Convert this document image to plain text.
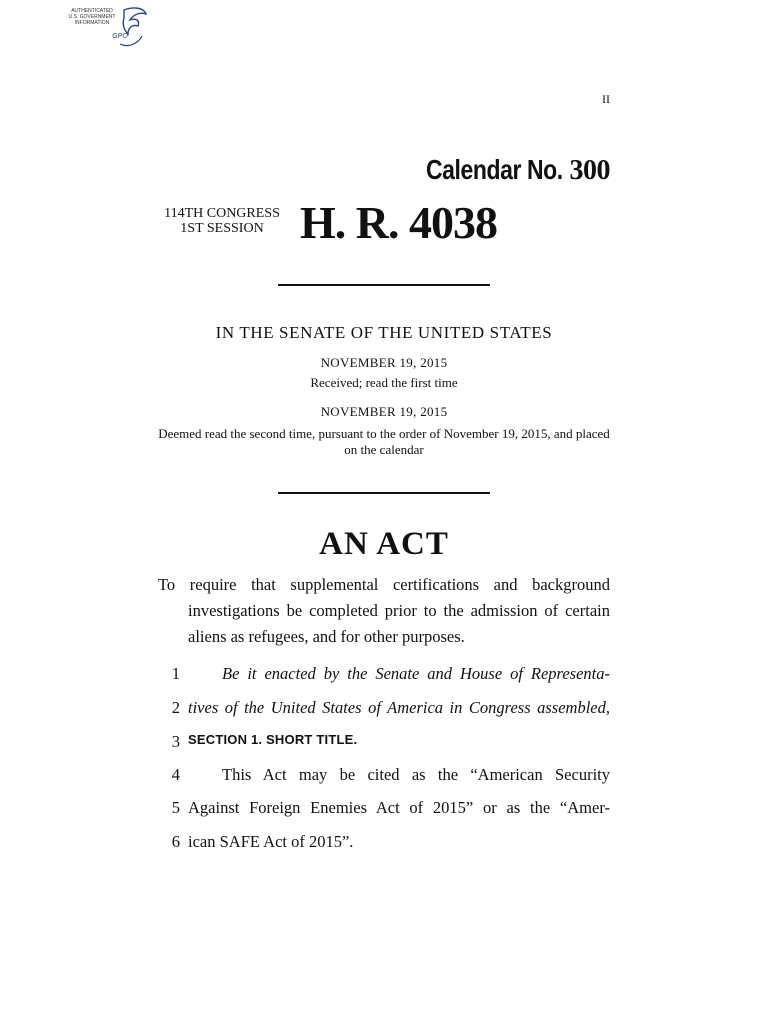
AUTHENTICATED
U.S. GOVERNMENT
INFORMATION
GPO
II
Calendar No. 300
114TH CONGRESS
1ST SESSION H. R. 4038
IN THE SENATE OF THE UNITED STATES
NOVEMBER 19, 2015
Received; read the first time
NOVEMBER 19, 2015
Deemed read the second time, pursuant to the order of November 19, 2015, and placed on the calendar
AN ACT
To require that supplemental certifications and background investigations be completed prior to the admission of certain aliens as refugees, and for other purposes.
1	Be it enacted by the Senate and House of Representa-
2 tives of the United States of America in Congress assembled,
3 SECTION 1. SHORT TITLE.
4	This Act may be cited as the “American Security
5 Against Foreign Enemies Act of 2015” or as the “Amer-
6 ican SAFE Act of 2015”.
